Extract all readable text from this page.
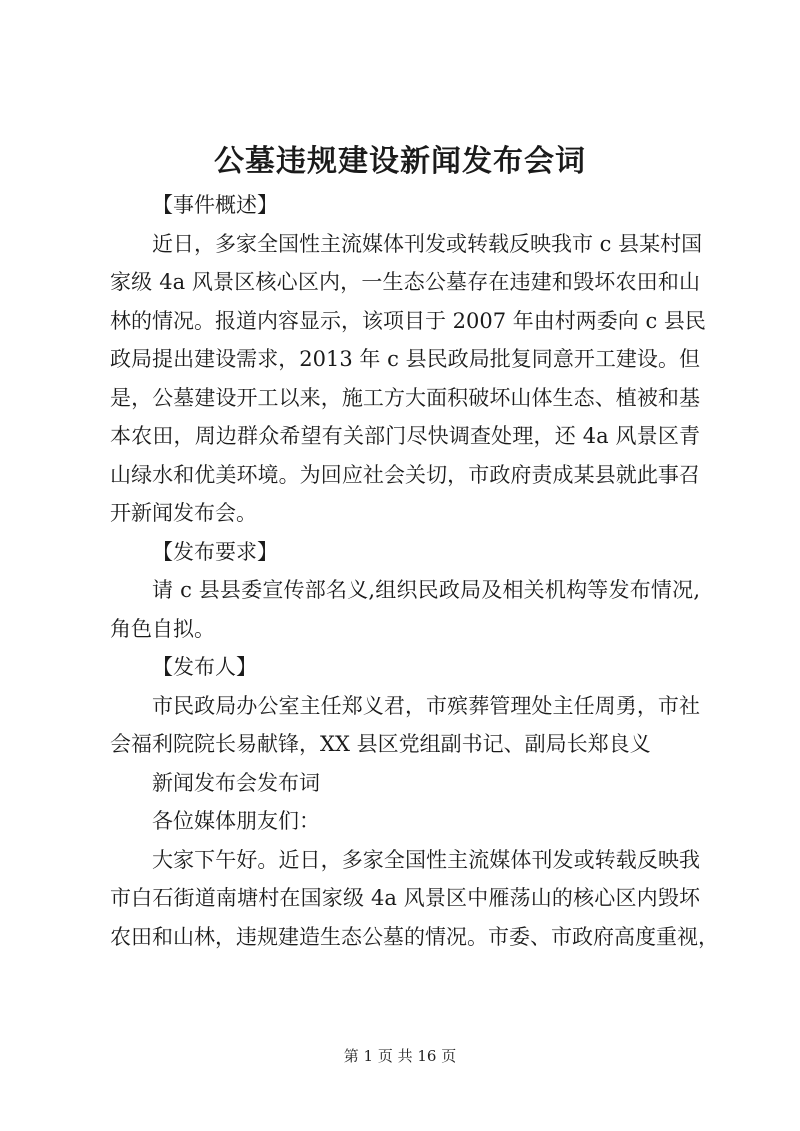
公墓违规建设新闻发布会词
【事件概述】
近日，多家全国性主流媒体刊发或转载反映我市 c 县某村国
家级 4a 风景区核心区内，一生态公墓存在违建和毁坏农田和山
林的情况。报道内容显示，该项目于 2007 年由村两委向 c 县民
政局提出建设需求，2013 年 c 县民政局批复同意开工建设。但
是，公墓建设开工以来，施工方大面积破坏山体生态、植被和基
本农田，周边群众希望有关部门尽快调查处理，还 4a 风景区青
山绿水和优美环境。为回应社会关切，市政府责成某县就此事召
开新闻发布会。
【发布要求】
请 c 县县委宣传部名义,组织民政局及相关机构等发布情况,
角色自拟。
【发布人】
市民政局办公室主任郑义君，市殡葬管理处主任周勇，市社
会福利院院长易献锋，XX 县区党组副书记、副局长郑良义
新闻发布会发布词
各位媒体朋友们：
大家下午好。近日，多家全国性主流媒体刊发或转载反映我
市白石街道南塘村在国家级 4a 风景区中雁荡山的核心区内毁坏
农田和山林，违规建造生态公墓的情况。市委、市政府高度重视，
第 1 页 共 16 页
